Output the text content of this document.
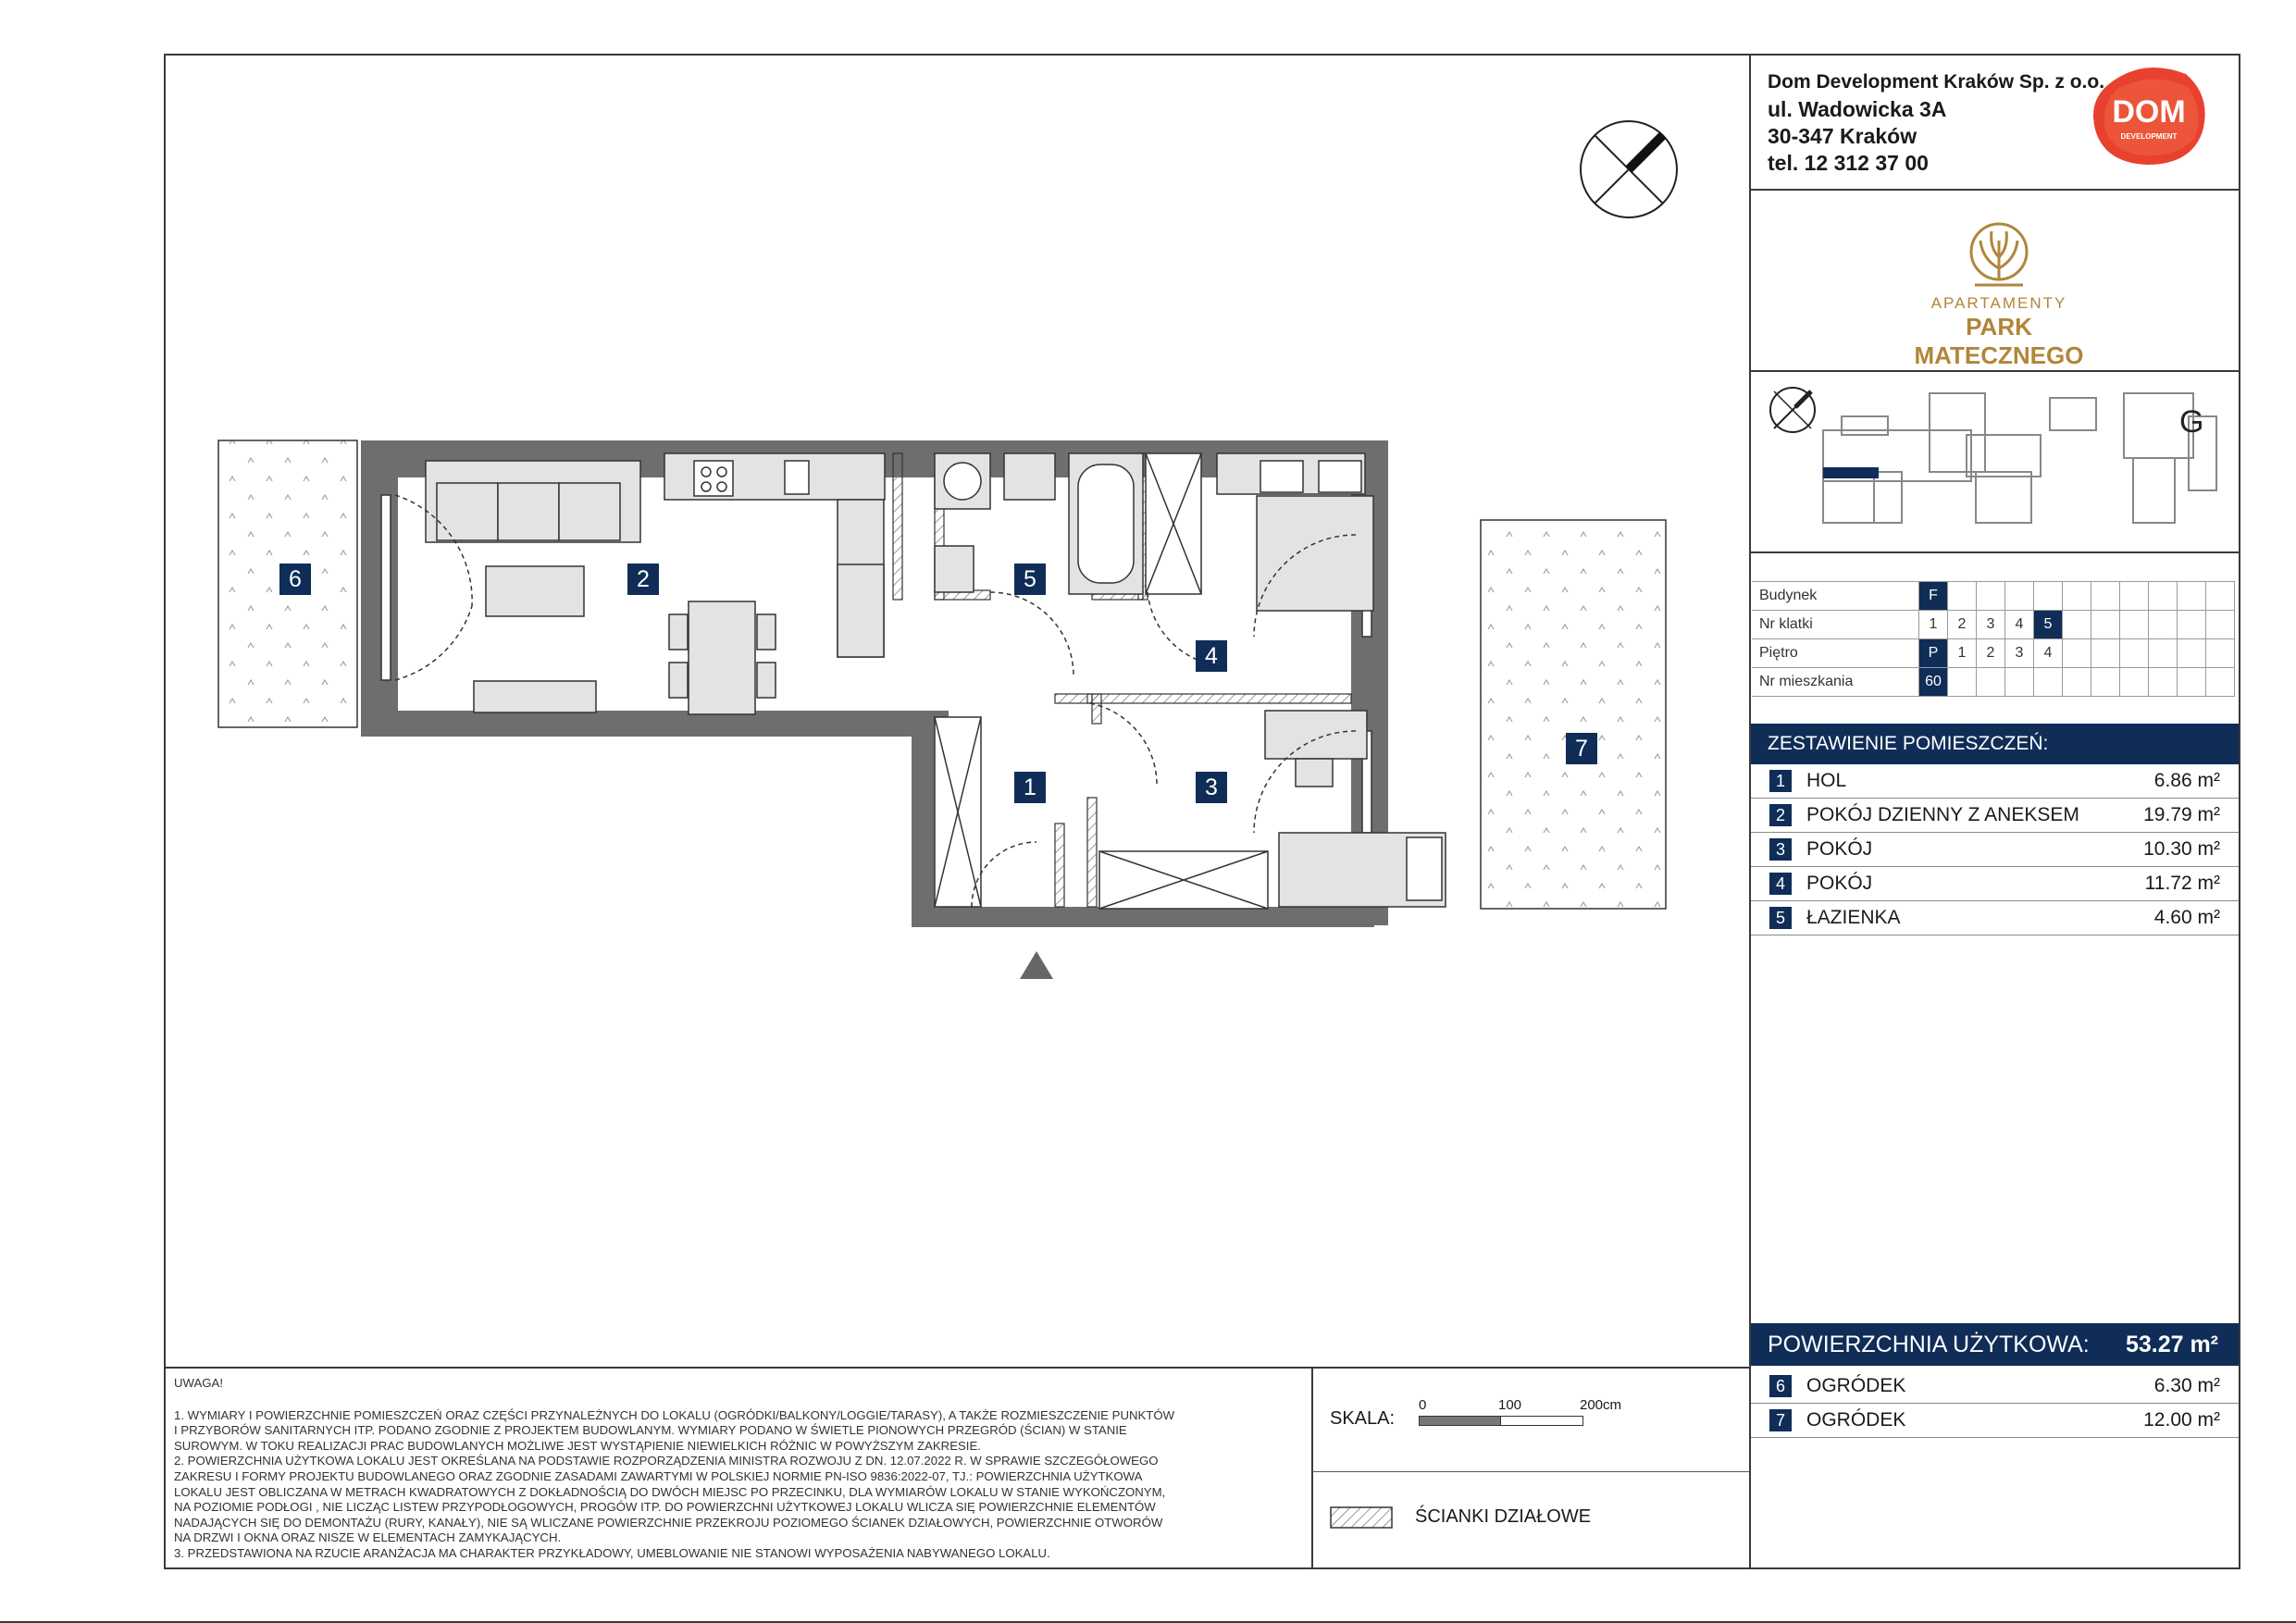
Dom Development Kraków Sp. z o.o.
ul. Wadowicka 3A
30-347 Kraków
tel. 12 312 37 00
DOM
DEVELOPMENT
APARTAMENTY
PARK MATECZNEGO
G
Budynek	F										
Nr klatki	1	2	3	4	5						
Piętro	P	1	2	3	4						
Nr mieszkania	60										
ZESTAWIENIE POMIESZCZEŃ:
1	HOL	6.86 m²
2	POKÓJ DZIENNY Z ANEKSEM	19.79 m²
3	POKÓJ	10.30 m²
4	POKÓJ	11.72 m²
5	ŁAZIENKA	4.60 m²
POWIERZCHNIA UŻYTKOWA: 53.27 m²
6	OGRÓDEK	6.30 m²
7	OGRÓDEK	12.00 m²

UWAGA!

1. WYMIARY I POWIERZCHNIE POMIESZCZEŃ ORAZ CZĘŚCI PRZYNALEŻNYCH DO LOKALU (OGRÓDKI/BALKONY/LOGGIE/TARASY), A TAKŻE ROZMIESZCZENIE PUNKTÓW

I PRZYBORÓW SANITARNYCH ITP. PODANO ZGODNIE Z PROJEKTEM BUDOWLANYM. WYMIARY PODANO W ŚWIETLE PIONOWYCH PRZEGRÓD (ŚCIAN) W STANIE

SUROWYM. W TOKU REALIZACJI PRAC BUDOWLANYCH MOŻLIWE JEST WYSTĄPIENIE NIEWIELKICH RÓŻNIC W POWYŻSZYM ZAKRESIE.

2. POWIERZCHNIA UŻYTKOWA LOKALU JEST OKREŚLANA NA PODSTAWIE ROZPORZĄDZENIA MINISTRA ROZWOJU Z DN. 12.07.2022 R. W SPRAWIE SZCZEGÓŁOWEGO

ZAKRESU I FORMY PROJEKTU BUDOWLANEGO ORAZ ZGODNIE ZASADAMI ZAWARTYMI W POLSKIEJ NORMIE PN-ISO 9836:2022-07, TJ.: POWIERZCHNIA UŻYTKOWA

LOKALU JEST OBLICZANA W METRACH KWADRATOWYCH Z DOKŁADNOŚCIĄ DO DWÓCH MIEJSC PO PRZECINKU, DLA WYMIARÓW LOKALU W STANIE WYKOŃCZONYM,

NA POZIOMIE PODŁOGI , NIE LICZĄC LISTEW PRZYPODŁOGOWYCH, PROGÓW ITP. DO POWIERZCHNI UŻYTKOWEJ LOKALU WLICZA SIĘ POWIERZCHNIE ELEMENTÓW

NADAJĄCYCH SIĘ DO DEMONTAŻU (RURY, KANAŁY), NIE SĄ WLICZANE POWIERZCHNIE PRZEKROJU POZIOMEGO ŚCIANEK DZIAŁOWYCH, POWIERZCHNIE OTWORÓW

NA DRZWI I OKNA ORAZ NISZE W ELEMENTACH ZAMYKAJĄCYCH.

3. PRZEDSTAWIONA NA RZUCIE ARANŻACJA MA CHARAKTER PRZYKŁADOWY, UMEBLOWANIE NIE STANOWI WYPOSAŻENIA NABYWANEGO LOKALU.

SKALA:
0	100	200cm
ŚCIANKI DZIAŁOWE
1
2
3
4
5
6
7
